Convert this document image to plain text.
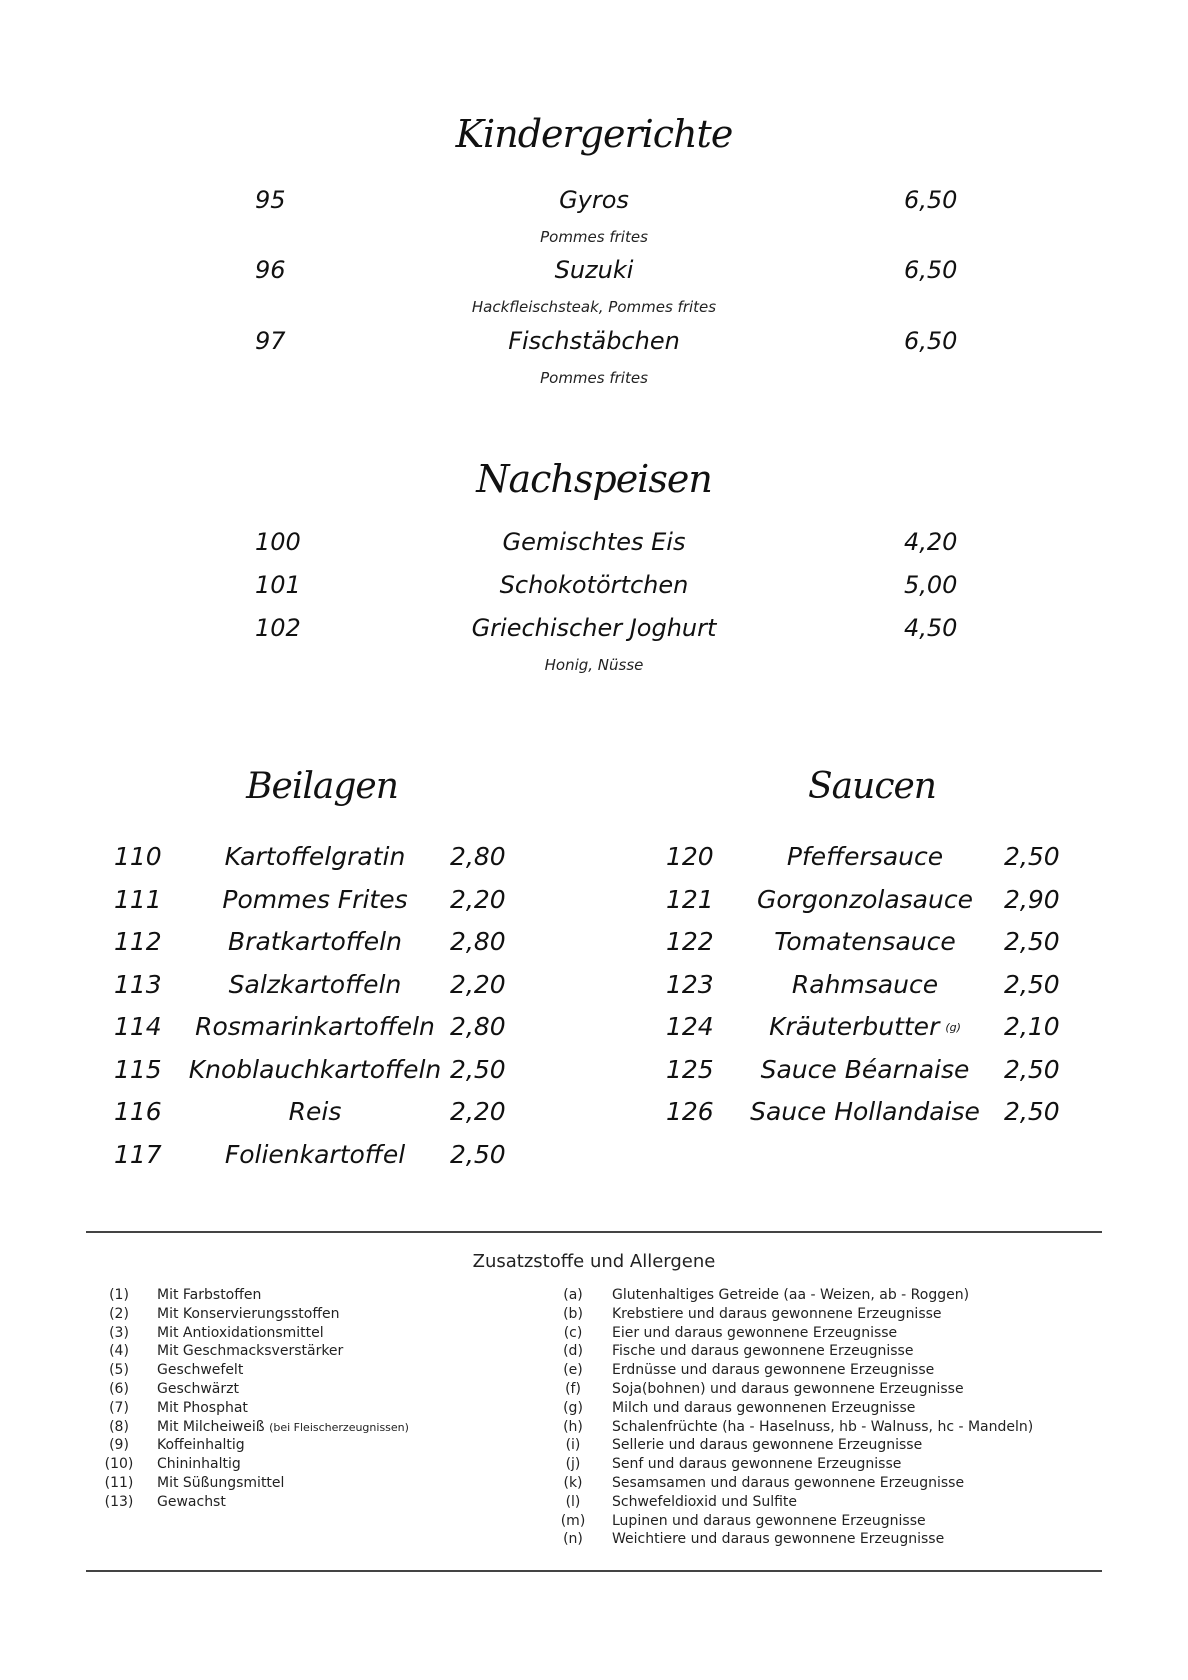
Kindergerichte
95	Gyros	6,50
Pommes frites
96	Suzuki	6,50
Hackfleischsteak, Pommes frites
97	Fischstäbchen	6,50
Pommes frites
Nachspeisen
100	Gemischtes Eis	4,20
101	Schokotörtchen	5,00
102	Griechischer Joghurt	4,50
Honig, Nüsse
Beilagen	Saucen
110	Kartoffelgratin 2,80
111 Pommes Frites 2,20
112	Bratkartoffeln 2,80
113	Salzkartoffeln 2,20
114 Rosmarinkartoffeln 2,80
115 Knoblauchkartoffeln 2,50
116	Reis	2,20
117	Folienkartoffel 2,50
120	Pfeffersauce 2,50
121 Gorgonzolasauce 2,90
122 Tomatensauce 2,50
123	Rahmsauce	2,50
124 Kräuterbutter (g) 2,10
125 Sauce Béarnaise 2,50
126 Sauce Hollandaise 2,50
Zusatzstoffe und Allergene
(1)	Mit Farbstoffen
(2)	Mit Konservierungsstoffen
(3)	Mit Antioxidationsmittel
(4)	Mit Geschmacksverstärker
(5)	Geschwefelt
(6)	Geschwärzt
(7)	Mit Phosphat
(8)	Mit Milcheiweiß (bei Fleischerzeugnissen)
(9)	Koffeinhaltig
(10)	Chininhaltig
(11)	Mit Süßungsmittel
(13)	Gewachst
(a)	Glutenhaltiges Getreide (aa - Weizen, ab - Roggen)
(b)	Krebstiere und daraus gewonnene Erzeugnisse
(c)	Eier und daraus gewonnene Erzeugnisse
(d)	Fische und daraus gewonnene Erzeugnisse
(e)	Erdnüsse und daraus gewonnene Erzeugnisse
(f)	Soja(bohnen) und daraus gewonnene Erzeugnisse
(g)	Milch und daraus gewonnenen Erzeugnisse
(h)	Schalenfrüchte (ha - Haselnuss, hb - Walnuss, hc - Mandeln)
(i)	Sellerie und daraus gewonnene Erzeugnisse
(j)	Senf und daraus gewonnene Erzeugnisse
(k)	Sesamsamen und daraus gewonnene Erzeugnisse
(l)	Schwefeldioxid und Sulfite
(m)	Lupinen und daraus gewonnene Erzeugnisse
(n)	Weichtiere und daraus gewonnene Erzeugnisse
